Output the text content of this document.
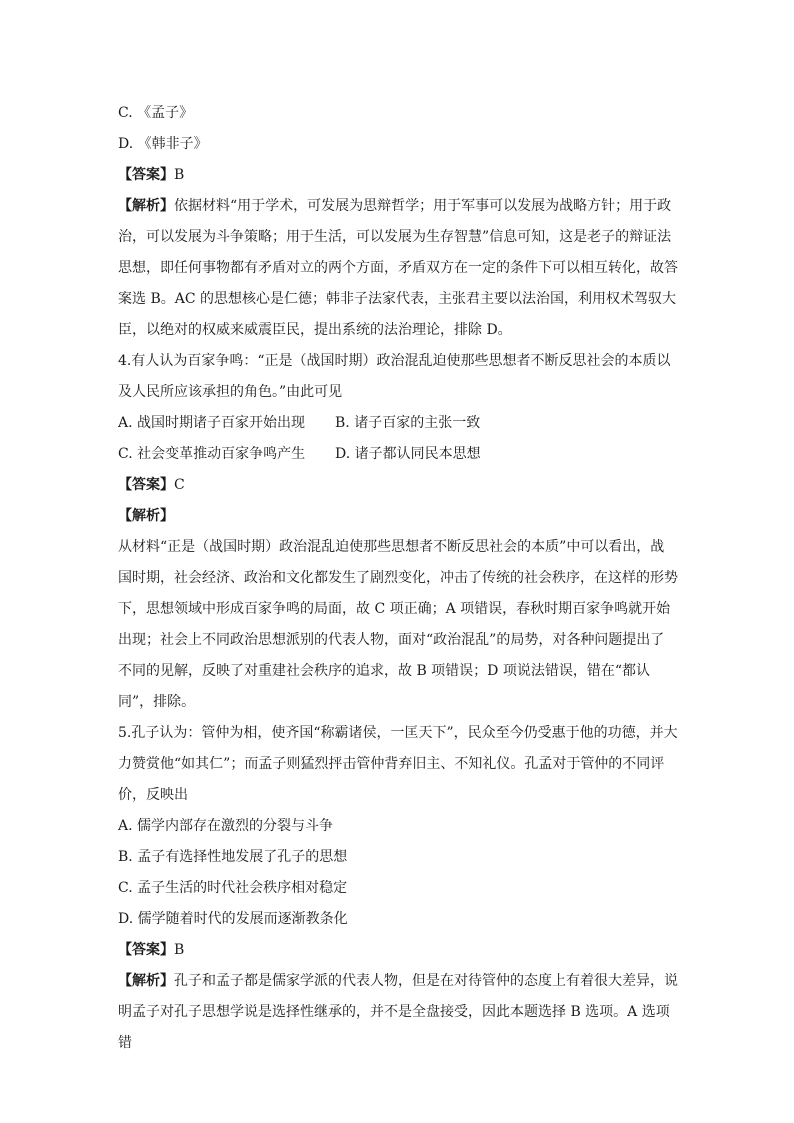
C. 《孟子》

D. 《韩非子》

【答案】B

【解析】依据材料“用于学术，可发展为思辩哲学；用于军事可以发展为战略方针；用于政治，可以发展为斗争策略；用于生活，可以发展为生存智慧”信息可知，这是老子的辩证法思想，即任何事物都有矛盾对立的两个方面，矛盾双方在一定的条件下可以相互转化，故答案选 B。AC 的思想核心是仁德；韩非子法家代表，主张君主要以法治国，利用权术驾驭大臣，以绝对的权威来威震臣民，提出系统的法治理论，排除 D。

4.有人认为百家争鸣：“正是（战国时期）政治混乱迫使那些思想者不断反思社会的本质以及人民所应该承担的角色。”由此可见

A. 战国时期诸子百家开始出现	B. 诸子百家的主张一致
C. 社会变革推动百家争鸣产生	D. 诸子都认同民本思想

【答案】C

【解析】

从材料“正是（战国时期）政治混乱迫使那些思想者不断反思社会的本质”中可以看出，战国时期，社会经济、政治和文化都发生了剧烈变化，冲击了传统的社会秩序，在这样的形势下，思想领域中形成百家争鸣的局面，故 C 项正确；A 项错误，春秋时期百家争鸣就开始出现；社会上不同政治思想派别的代表人物，面对“政治混乱”的局势，对各种问题提出了不同的见解，反映了对重建社会秩序的追求，故 B 项错误；D 项说法错误，错在“都认同”，排除。

5.孔子认为：管仲为相，使齐国“称霸诸侯，一匡天下”，民众至今仍受惠于他的功德，并大力赞赏他“如其仁”；而孟子则猛烈抨击管仲背弃旧主、不知礼仪。孔孟对于管仲的不同评价，反映出

A. 儒学内部存在激烈的分裂与斗争

B. 孟子有选择性地发展了孔子的思想

C. 孟子生活的时代社会秩序相对稳定

D. 儒学随着时代的发展而逐渐教条化

【答案】B

【解析】孔子和孟子都是儒家学派的代表人物，但是在对待管仲的态度上有着很大差异，说明孟子对孔子思想学说是选择性继承的，并不是全盘接受，因此本题选择 B 选项。A 选项错
